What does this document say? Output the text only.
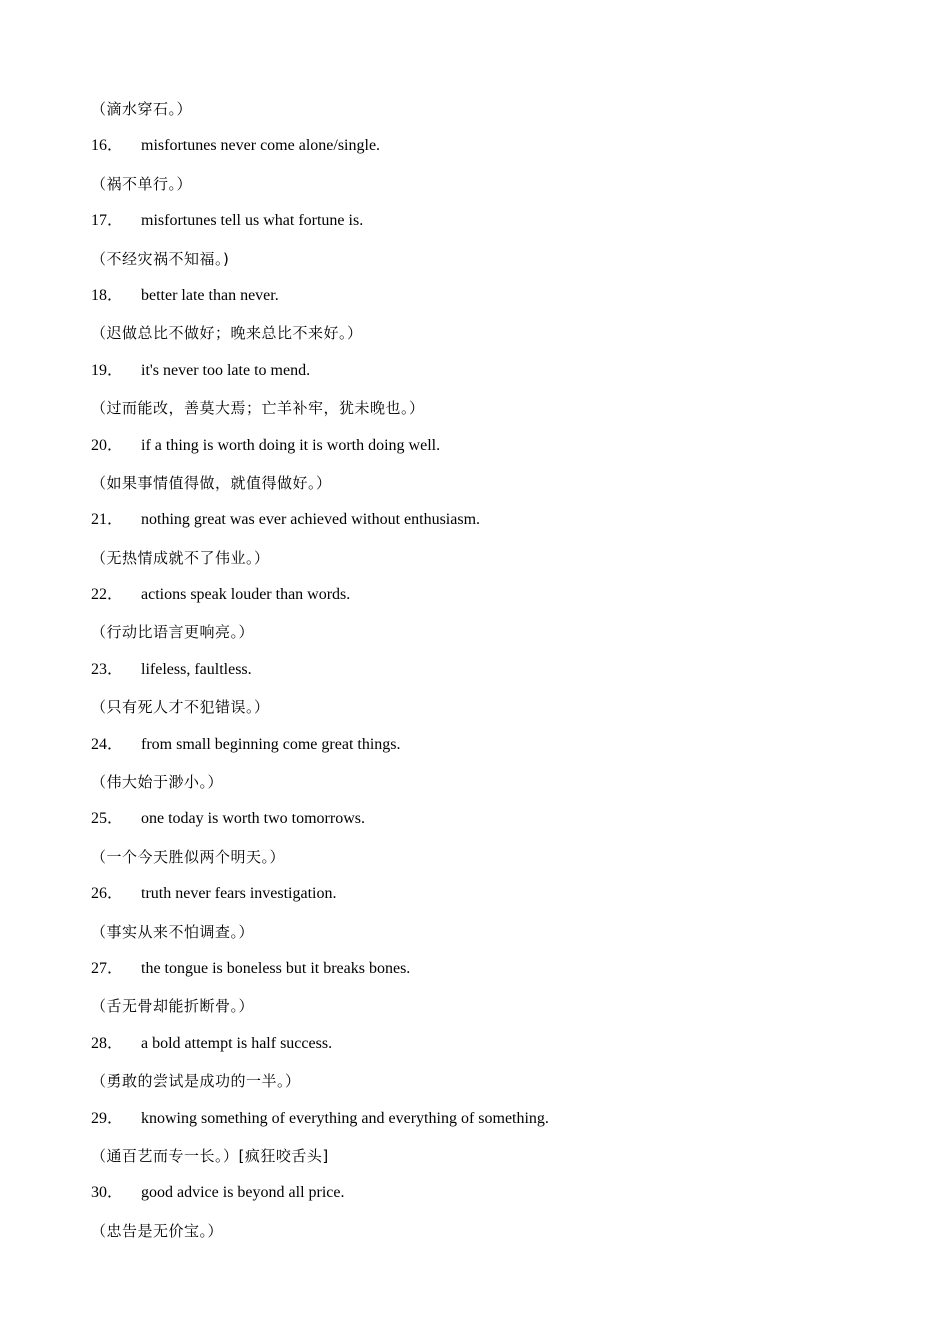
（滴水穿石。）
16．	misfortunes never come alone/single.
（祸不单行。）
17．	misfortunes tell us what fortune is.
（不经灾祸不知福。)
18．	better late than never.
（迟做总比不做好；晚来总比不来好。）
19．	it's never too late to mend.
（过而能改，善莫大焉；亡羊补牢，犹未晚也。）
20．	if a thing is worth doing it is worth doing well.
（如果事情值得做，就值得做好。）
21．	nothing great was ever achieved without enthusiasm.
（无热情成就不了伟业。）
22．	actions speak louder than words.
（行动比语言更响亮。）
23．	lifeless, faultless.
（只有死人才不犯错误。）
24．	from small beginning come great things.
（伟大始于渺小。）
25．	one today is worth two tomorrows.
（一个今天胜似两个明天。）
26．	truth never fears investigation.
（事实从来不怕调查。）
27．	the tongue is boneless but it breaks bones.
（舌无骨却能折断骨。）
28．	a bold attempt is half success.
（勇敢的尝试是成功的一半。）
29．	knowing something of everything and everything of something.
（通百艺而专一长。）[疯狂咬舌头]
30．	good advice is beyond all price.
（忠告是无价宝。）
